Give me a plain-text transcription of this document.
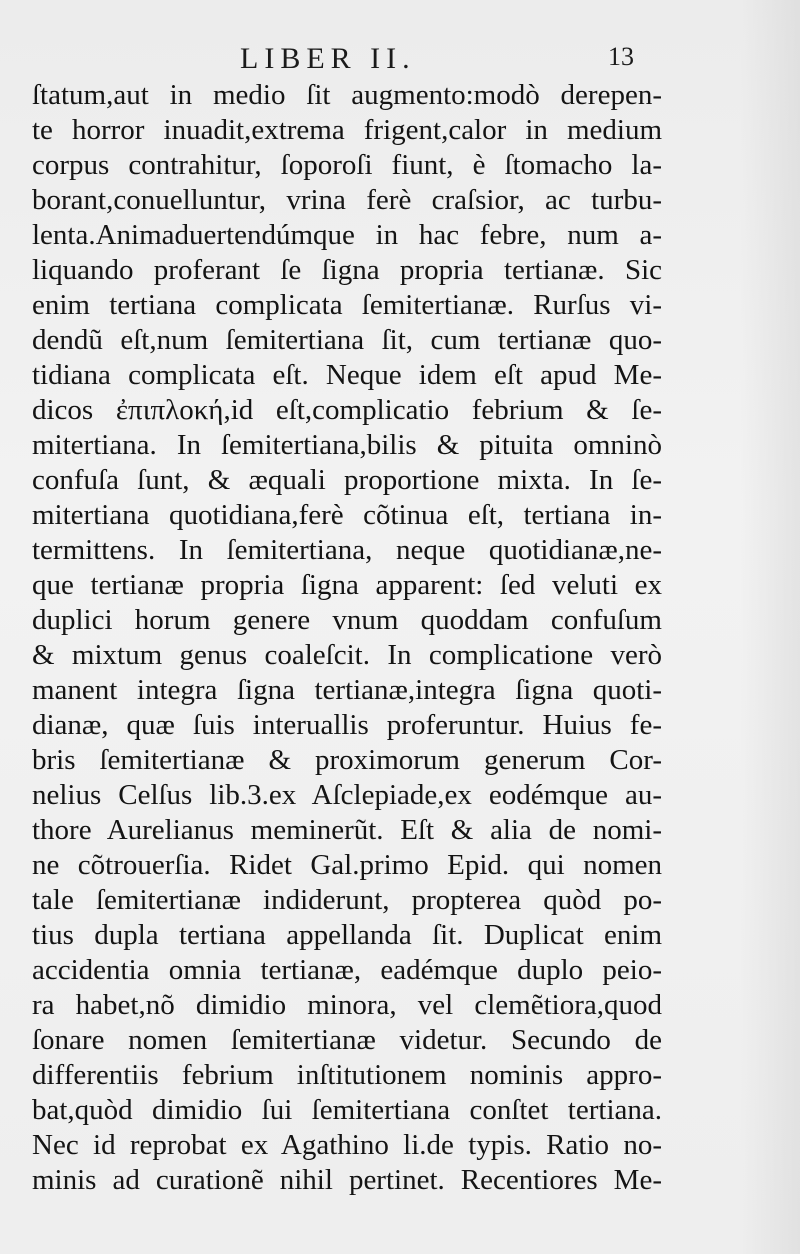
LIBER II.	13
ſtatum,aut in medio ſit augmento:modò derepen-
te horror inuadit,extrema frigent,calor in medium
corpus contrahitur, ſoporoſi fiunt, è ſtomacho la-
borant,conuelluntur, vrina ferè craſsior, ac turbu-
lenta.Animaduertendúmque in hac febre, num a-
liquando proferant ſe ſigna propria tertianæ. Sic
enim tertiana complicata ſemitertianæ. Rurſus vi-
dendũ eſt,num ſemitertiana ſit, cum tertianæ quo-
tidiana complicata eſt. Neque idem eſt apud Me-
dicos ἐπιπλοκή,id eſt,complicatio febrium & ſe-
mitertiana. In ſemitertiana,bilis & pituita omninò
confuſa ſunt, & æquali proportione mixta. In ſe-
mitertiana quotidiana,ferè cõtinua eſt, tertiana in-
termittens. In ſemitertiana, neque quotidianæ,ne-
que tertianæ propria ſigna apparent: ſed veluti ex
duplici horum genere vnum quoddam confuſum
& mixtum genus coaleſcit. In complicatione verò
manent integra ſigna tertianæ,integra ſigna quoti-
dianæ, quæ ſuis interuallis proferuntur. Huius fe-
bris ſemitertianæ & proximorum generum Cor-
nelius Celſus lib.3.ex Aſclepiade,ex eodémque au-
thore Aurelianus meminerũt. Eſt & alia de nomi-
ne cõtrouerſia. Ridet Gal.primo Epid. qui nomen
tale ſemitertianæ indiderunt, propterea quòd po-
tius dupla tertiana appellanda ſit. Duplicat enim
accidentia omnia tertianæ, eadémque duplo peio-
ra habet,nõ dimidio minora, vel clemẽtiora,quod
ſonare nomen ſemitertianæ videtur. Secundo de
differentiis febrium inſtitutionem nominis appro-
bat,quòd dimidio ſui ſemitertiana conſtet tertiana.
Nec id reprobat ex Agathino li.de typis. Ratio no-
minis ad curationẽ nihil pertinet. Recentiores Me-
